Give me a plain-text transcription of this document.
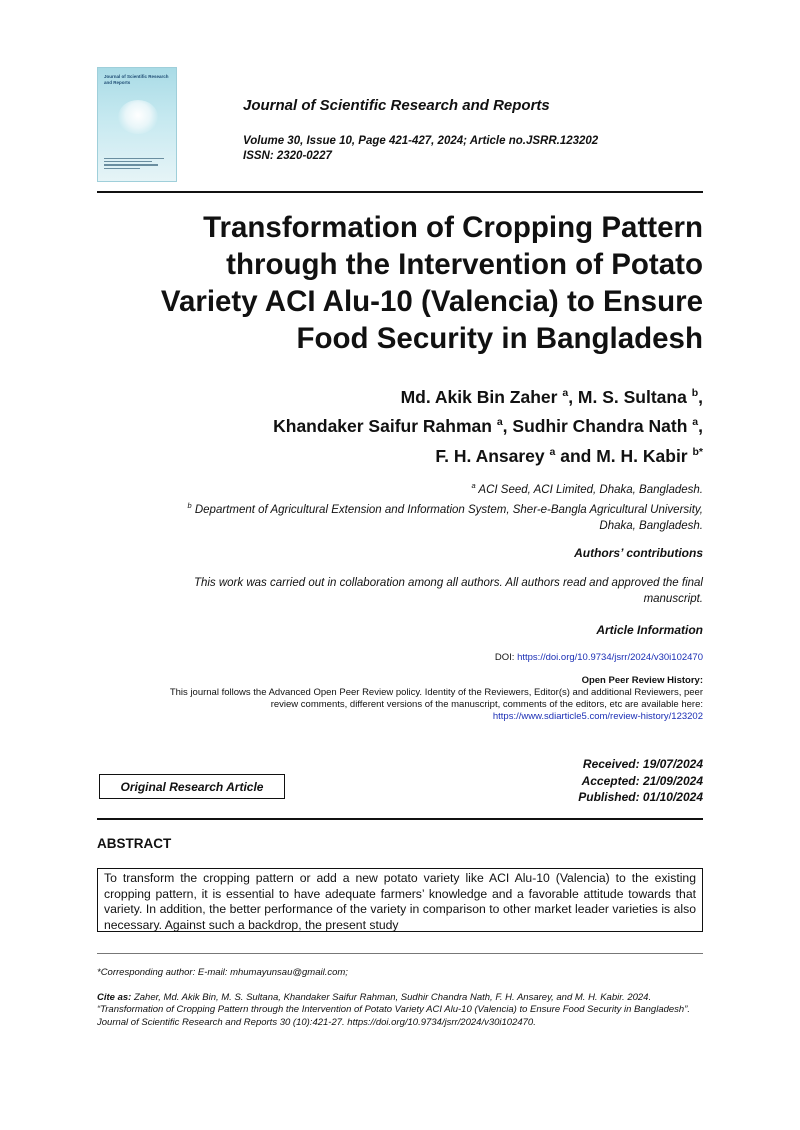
Journal of Scientific Research and Reports
Journal of Scientific Research and Reports
Volume 30, Issue 10, Page 421-427, 2024; Article no.JSRR.123202
ISSN: 2320-0227
Transformation of Cropping Pattern
through the Intervention of Potato
Variety ACI Alu-10 (Valencia) to Ensure
Food Security in Bangladesh
Md. Akik Bin Zaher $^a$, M. S. Sultana $^b$,
Khandaker Saifur Rahman $^a$, Sudhir Chandra Nath $^a$,
F. H. Ansarey $^a$ and M. H. Kabir $^{b*}$
$^a$ ACI Seed, ACI Limited, Dhaka, Bangladesh.
$^b$ Department of Agricultural Extension and Information System, Sher-e-Bangla Agricultural University,
Dhaka, Bangladesh.
Authors’ contributions
This work was carried out in collaboration among all authors. All authors read and approved the final
manuscript.
Article Information
DOI: https://doi.org/10.9734/jsrr/2024/v30i102470
Open Peer Review History:
This journal follows the Advanced Open Peer Review policy. Identity of the Reviewers, Editor(s) and additional Reviewers, peer
review comments, different versions of the manuscript, comments of the editors, etc are available here:
https://www.sdiarticle5.com/review-history/123202
Received: 19/07/2024
Accepted: 21/09/2024
Published: 01/10/2024
Original Research Article
ABSTRACT
To transform the cropping pattern or add a new potato variety like ACI Alu-10 (Valencia) to the existing cropping pattern, it is essential to have adequate farmers’ knowledge and a favorable attitude towards that variety. In addition, the better performance of the variety in comparison to other market leader varieties is also necessary. Against such a backdrop, the present study
*Corresponding author: E-mail: mhumayunsau@gmail.com;
Cite as: Zaher, Md. Akik Bin, M. S. Sultana, Khandaker Saifur Rahman, Sudhir Chandra Nath, F. H. Ansarey, and M. H. Kabir. 2024. “Transformation of Cropping Pattern through the Intervention of Potato Variety ACI Alu-10 (Valencia) to Ensure Food Security in Bangladesh”. Journal of Scientific Research and Reports 30 (10):421-27. https://doi.org/10.9734/jsrr/2024/v30i102470.
